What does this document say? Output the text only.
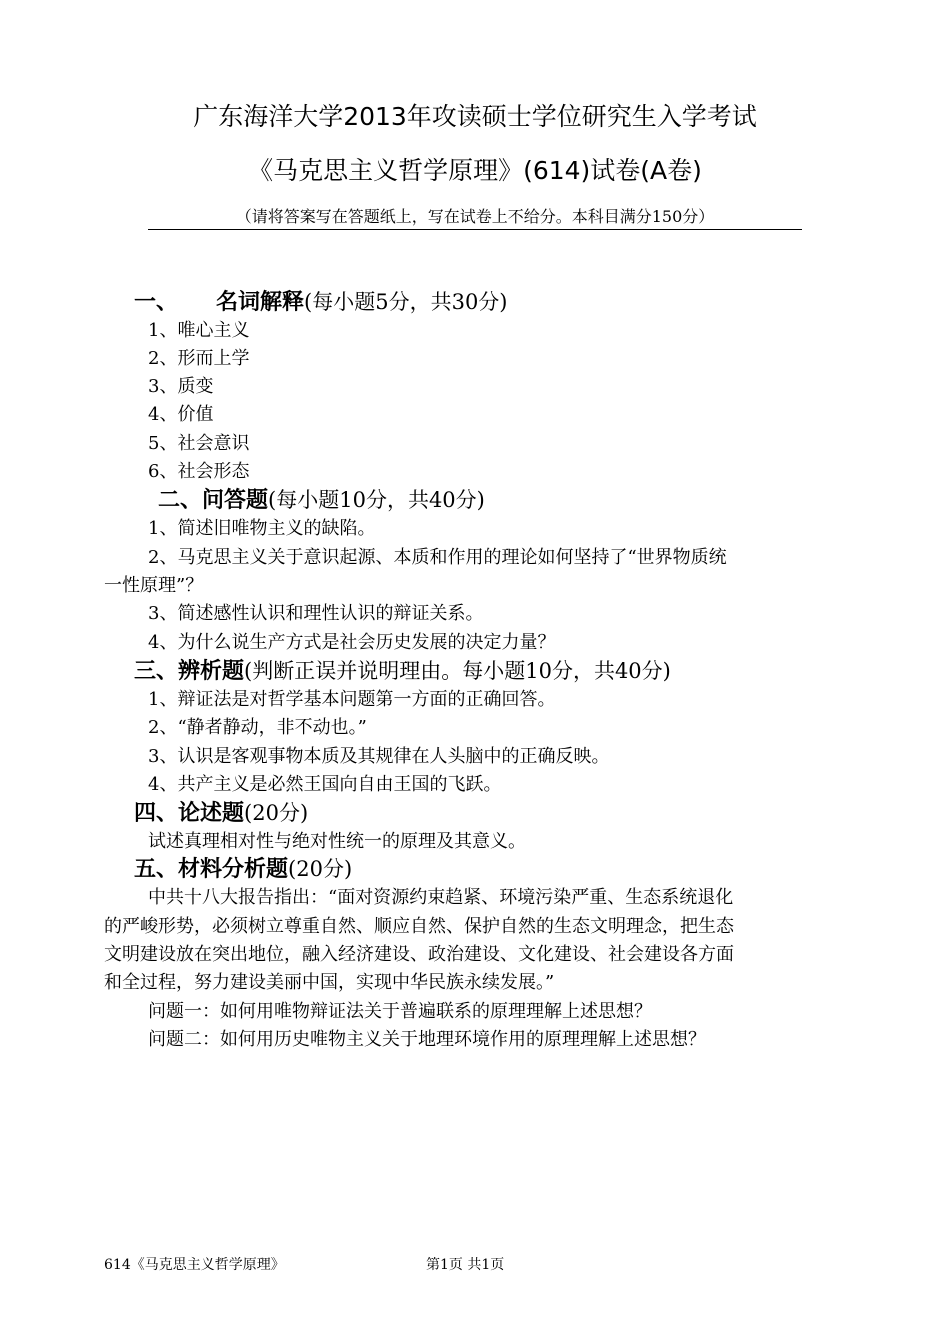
广东海洋大学2013年攻读硕士学位研究生入学考试
《马克思主义哲学原理》(614)试卷(A卷)
（请将答案写在答题纸上，写在试卷上不给分。本科目满分150分）
一、 名词解释(每小题5分，共30分)
1、唯心主义
2、形而上学
3、质变
4、价值
5、社会意识
6、社会形态
二、问答题(每小题10分，共40分)
1、简述旧唯物主义的缺陷。
2、马克思主义关于意识起源、本质和作用的理论如何坚持了“世界物质统
一性原理”？
3、简述感性认识和理性认识的辩证关系。
4、为什么说生产方式是社会历史发展的决定力量？
三、辨析题(判断正误并说明理由。每小题10分，共40分)
1、辩证法是对哲学基本问题第一方面的正确回答。
2、“静者静动，非不动也。”
3、认识是客观事物本质及其规律在人头脑中的正确反映。
4、共产主义是必然王国向自由王国的飞跃。
四、论述题(20分)
试述真理相对性与绝对性统一的原理及其意义。
五、材料分析题(20分)
中共十八大报告指出：“面对资源约束趋紧、环境污染严重、生态系统退化
的严峻形势，必须树立尊重自然、顺应自然、保护自然的生态文明理念，把生态
文明建设放在突出地位，融入经济建设、政治建设、文化建设、社会建设各方面
和全过程，努力建设美丽中国，实现中华民族永续发展。”
问题一：如何用唯物辩证法关于普遍联系的原理理解上述思想？
问题二：如何用历史唯物主义关于地理环境作用的原理理解上述思想？
614《马克思主义哲学原理》	第1页 共1页
